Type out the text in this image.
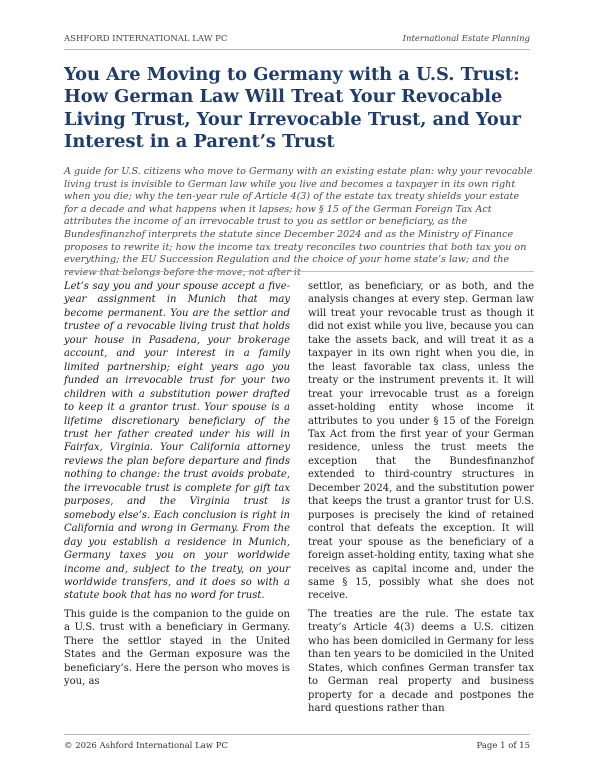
ASHFORD INTERNATIONAL LAW PC	International Estate Planning
You Are Moving to Germany with a U.S. Trust: How German Law Will Treat Your Revocable Living Trust, Your Irrevocable Trust, and Your Interest in a Parent’s Trust

A guide for U.S. citizens who move to Germany with an existing estate plan: why your revocable living trust is invisible to German law while you live and becomes a taxpayer in its own right when you die; why the ten-year rule of Article 4(3) of the estate tax treaty shields your estate for a decade and what happens when it lapses; how § 15 of the German Foreign Tax Act attributes the income of an irrevocable trust to you as settlor or beneficiary, as the Bundesfinanzhof interprets the statute since December 2024 and as the Ministry of Finance proposes to rewrite it; how the income tax treaty reconciles two countries that both tax you on everything; the EU Succession Regulation and the choice of your home state’s law; and the review that belongs before the move, not after it

Let’s say you and your spouse accept a five-year assignment in Munich that may become permanent. You are the settlor and trustee of a revocable living trust that holds your house in Pasadena, your brokerage account, and your interest in a family limited partnership; eight years ago you funded an irrevocable trust for your two children with a substitution power drafted to keep it a grantor trust. Your spouse is a lifetime discretionary beneficiary of the trust her father created under his will in Fairfax, Virginia. Your California attorney reviews the plan before departure and finds nothing to change: the trust avoids probate, the irrevocable trust is complete for gift tax purposes, and the Virginia trust is somebody else’s. Each conclusion is right in California and wrong in Germany. From the day you establish a residence in Munich, Germany taxes you on your worldwide income and, subject to the treaty, on your worldwide transfers, and it does so with a statute book that has no word for trust.

This guide is the companion to the guide on a U.S. trust with a beneficiary in Germany. There the settlor stayed in the United States and the German exposure was the beneficiary’s. Here the person who moves is you, as

settlor, as beneficiary, or as both, and the analysis changes at every step. German law will treat your revocable trust as though it did not exist while you live, because you can take the assets back, and will treat it as a taxpayer in its own right when you die, in the least favorable tax class, unless the treaty or the instrument prevents it. It will treat your irrevocable trust as a foreign asset-holding entity whose income it attributes to you under § 15 of the Foreign Tax Act from the first year of your German residence, unless the trust meets the exception that the Bundesfinanzhof extended to third-country structures in December 2024, and the substitution power that keeps the trust a grantor trust for U.S. purposes is precisely the kind of retained control that defeats the exception. It will treat your spouse as the beneficiary of a foreign asset-holding entity, taxing what she receives as capital income and, under the same § 15, possibly what she does not receive.

The treaties are the rule. The estate tax treaty’s Article 4(3) deems a U.S. citizen who has been domiciled in Germany for less than ten years to be domiciled in the United States, which confines German transfer tax to German real property and business property for a decade and postpones the hard questions rather than

© 2026 Ashford International Law PC	Page 1 of 15
